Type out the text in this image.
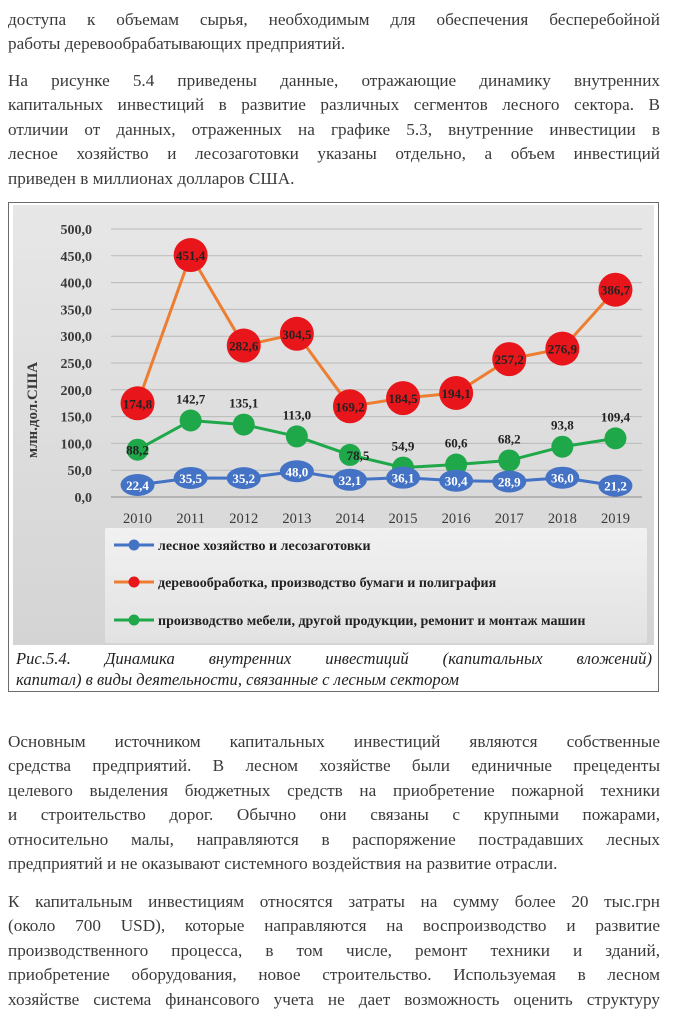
доступа к объемам сырья, необходимым для обеспечения бесперебойной
работы деревообрабатывающих предприятий.

На рисунке 5.4 приведены данные, отражающие динамику внутренних
капитальных инвестиций в развитие различных сегментов лесного сектора. В
отличии от данных, отраженных на графике 5.3, внутренние инвестиции в
лесное хозяйство и лесозаготовки указаны отдельно, а объем инвестиций
приведен в миллионах долларов США.

0,0
50,0
100,0
150,0
200,0
250,0
300,0
350,0
400,0
450,0
500,0
2010 2011 2012 2013 2014 2015 2016 2017 2018 2019
88,2
142,7 135,1
113,0
78,5
54,9 60,6 68,2
93,8
109,4
22,4 35,5 35,2 48,0
32,1 36,1 30,4 28,9 36,0
21,2
174,8
451,4
282,6
304,5
169,2
184,5 194,1
257,2
276,9
386,7
лесное хозяйство и лесозаготовки
деревообработка, производство бумаги и полиграфия
производство мебели, другой продукции, ремонит и монтаж машин
млн.дол.США
Рис.5.4. Динамика внутренних инвестиций (капитальных вложений)
капитал) в виды деятельности, связанные с лесным сектором

Основным источником капитальных инвестиций являются собственные
средства предприятий. В лесном хозяйстве были единичные прецеденты
целевого выделения бюджетных средств на приобретение пожарной техники
и строительство дорог. Обычно они связаны с крупными пожарами,
относительно малы, направляются в распоряжение пострадавших лесных
предприятий и не оказывают системного воздействия на развитие отрасли.

К капитальным инвестициям относятся затраты на сумму более 20 тыс.грн
(около 700 USD), которые направляются на воспроизводство и развитие
производственного процесса, в том числе, ремонт техники и зданий,
приобретение оборудования, новое строительство. Используемая в лесном
хозяйстве система финансового учета не дает возможность оценить структуру
